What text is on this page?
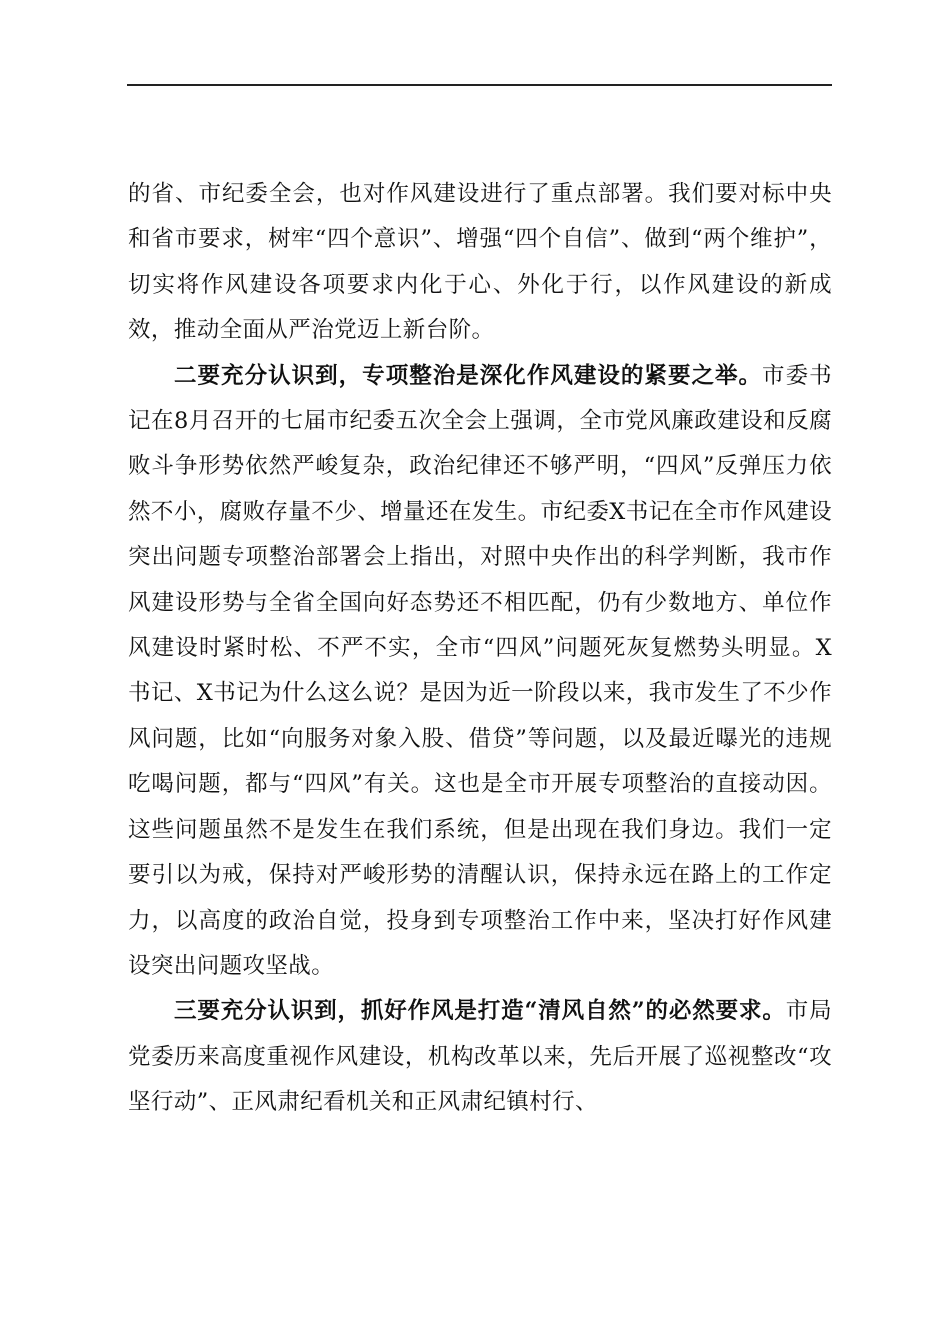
的省、市纪委全会，也对作风建设进行了重点部署。我们要对标中央和省市要求，树牢“四个意识”、增强“四个自信”、做到“两个维护”，切实将作风建设各项要求内化于心、外化于行，以作风建设的新成效，推动全面从严治党迈上新台阶。

二要充分认识到，专项整治是深化作风建设的紧要之举。市委书记在8月召开的七届市纪委五次全会上强调，全市党风廉政建设和反腐败斗争形势依然严峻复杂，政治纪律还不够严明，“四风”反弹压力依然不小，腐败存量不少、增量还在发生。市纪委X书记在全市作风建设突出问题专项整治部署会上指出，对照中央作出的科学判断，我市作风建设形势与全省全国向好态势还不相匹配，仍有少数地方、单位作风建设时紧时松、不严不实，全市“四风”问题死灰复燃势头明显。X书记、X书记为什么这么说？是因为近一阶段以来，我市发生了不少作风问题，比如“向服务对象入股、借贷”等问题，以及最近曝光的违规吃喝问题，都与“四风”有关。这也是全市开展专项整治的直接动因。这些问题虽然不是发生在我们系统，但是出现在我们身边。我们一定要引以为戒，保持对严峻形势的清醒认识，保持永远在路上的工作定力，以高度的政治自觉，投身到专项整治工作中来，坚决打好作风建设突出问题攻坚战。

三要充分认识到，抓好作风是打造“清风自然”的必然要求。市局党委历来高度重视作风建设，机构改革以来，先后开展了巡视整改“攻坚行动”、正风肃纪看机关和正风肃纪镇村行、
